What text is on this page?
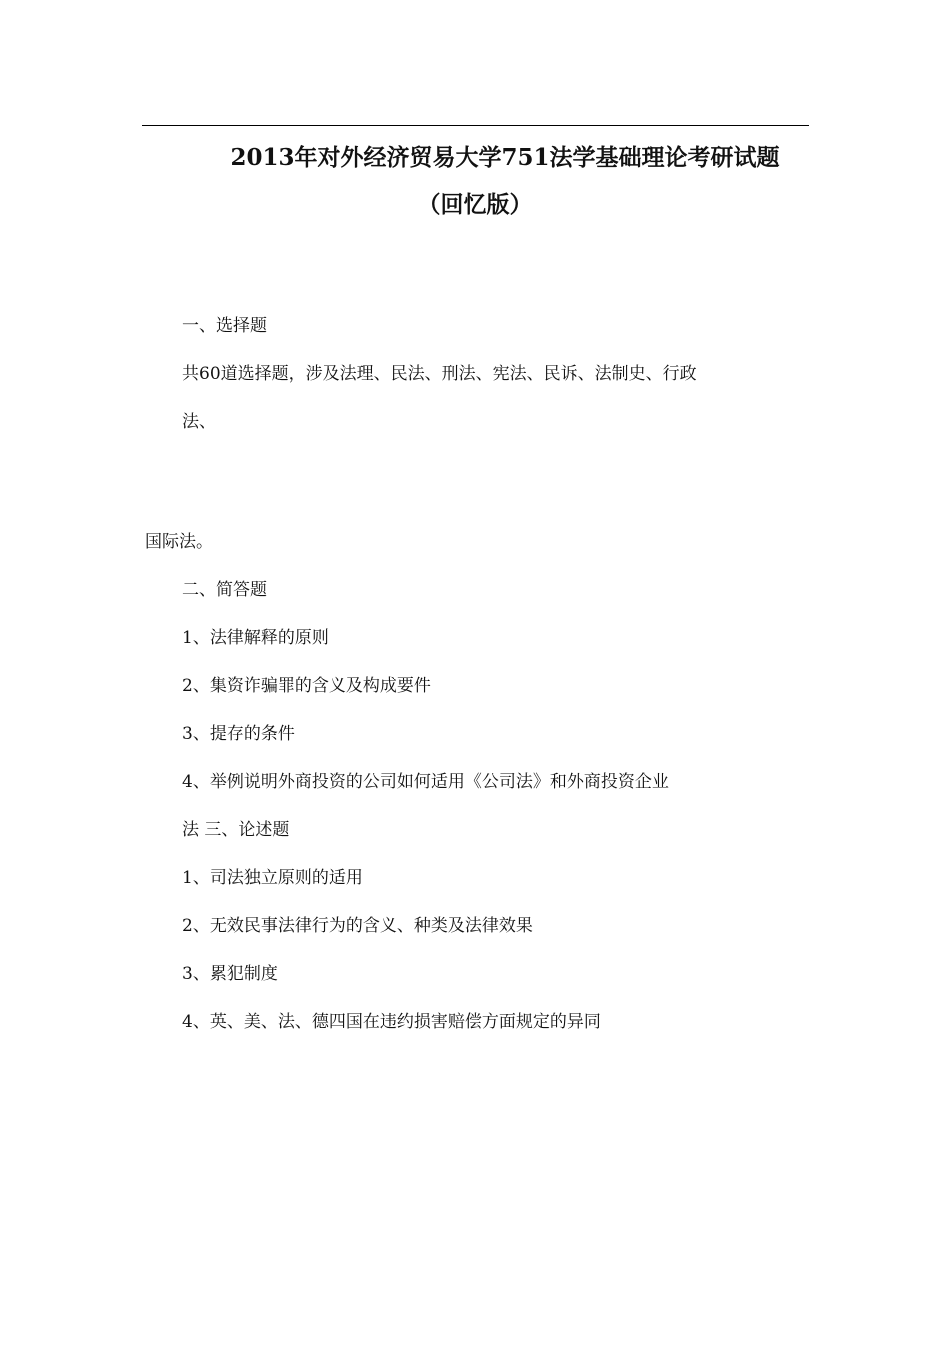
2013年对外经济贸易大学751法学基础理论考研试题
（回忆版）
一、选择题
共60道选择题，涉及法理、民法、刑法、宪法、民诉、法制史、行政
法、
国际法。
二、简答题
1、法律解释的原则
2、集资诈骗罪的含义及构成要件
3、提存的条件
4、举例说明外商投资的公司如何适用《公司法》和外商投资企业
法 三、论述题
1、司法独立原则的适用
2、无效民事法律行为的含义、种类及法律效果
3、累犯制度
4、英、美、法、德四国在违约损害赔偿方面规定的异同
